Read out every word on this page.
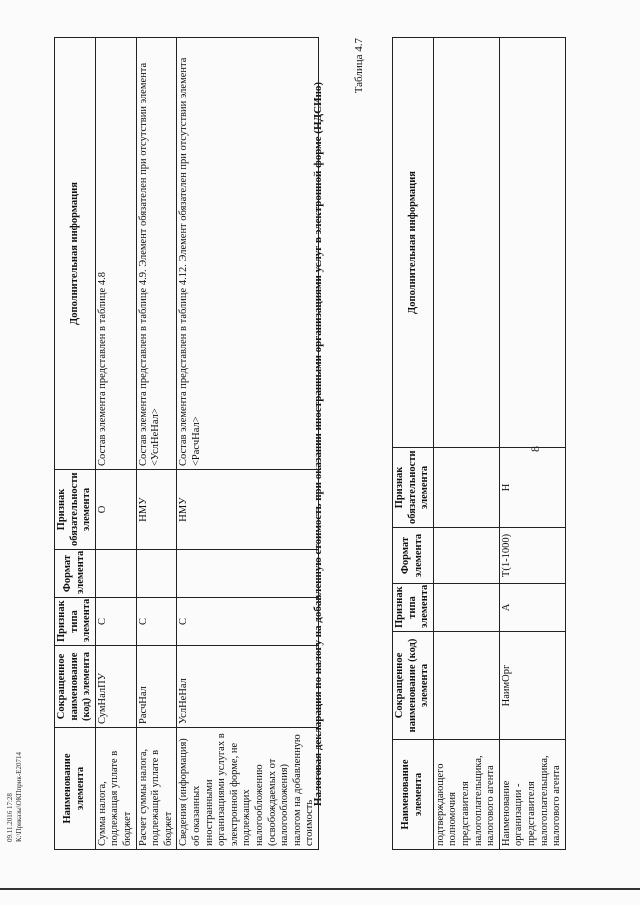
09.11.2016 17:28 К:\Приказы\ОКПприк-E20714
8
Наименование элемента	Сокращенное наименование (код) элемента	Признак типа элемента	Формат элемента	Признак обязательности элемента	Дополнительная информация
подтверждающего полномочия представителя налогоплательщика, налогового агента					
Наименование организации - представителя налогоплательщика, налогового агента	НаимОрг	А	Т(1-1000)	Н	
Таблица 4.7
Налоговая декларация по налогу на добавленную стоимость при оказании иностранными организациями услуг в электронной форме (НДСИно)
Наименование элемента	Сокращенное наименование (код) элемента	Признак типа элемента	Формат элемента	Признак обязательности элемента	Дополнительная информация
Сумма налога, подлежащая уплате в бюджет	СумНалПУ	С		О	Состав элемента представлен в таблице 4.8
Расчет суммы налога, подлежащей уплате в бюджет	РасчНал	С		НМУ	Состав элемента представлен в таблице 4.9. Элемент обязателен при отсутствии элемента <УслНеНал>
Сведения (информация) об оказанных иностранными организациями услугах в электронной форме, не подлежащих налогообложению (освобождаемых от налогообложения) налогом на добавленную стоимость	УслНеНал	С		НМУ	Состав элемента представлен в таблице 4.12. Элемент обязателен при отсутствии элемента <РасчНал>
